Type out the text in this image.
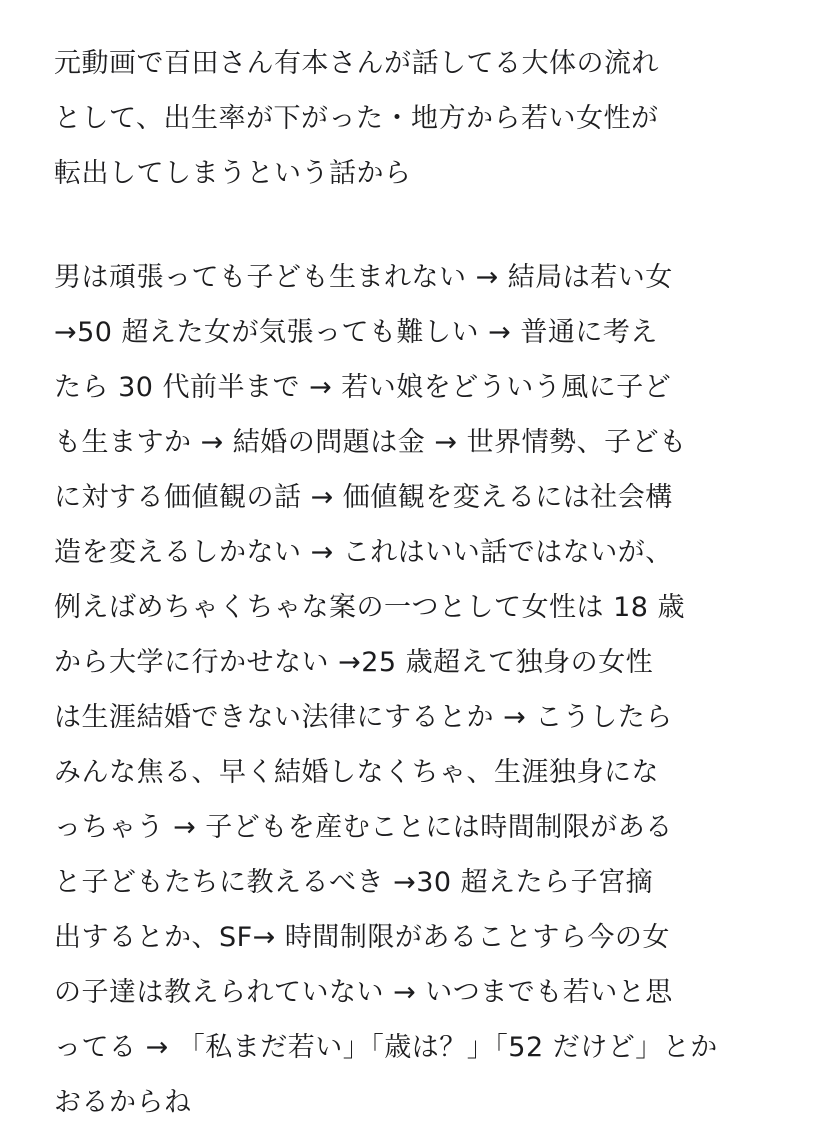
元動画で百田さん有本さんが話してる大体の流れ
として、出生率が下がった・地方から若い女性が
転出してしまうという話から
男は頑張っても子ども生まれない → 結局は若い女
→50 超えた女が気張っても難しい → 普通に考え
たら 30 代前半まで → 若い娘をどういう風に子ど
も生ますか → 結婚の問題は金 → 世界情勢、子ども
に対する価値観の話 → 価値観を変えるには社会構
造を変えるしかない → これはいい話ではないが、
例えばめちゃくちゃな案の一つとして女性は 18 歳
から大学に行かせない →25 歳超えて独身の女性
は生涯結婚できない法律にするとか → こうしたら
みんな焦る、早く結婚しなくちゃ、生涯独身にな
っちゃう → 子どもを産むことには時間制限がある
と子どもたちに教えるべき →30 超えたら子宮摘
出するとか、SF→ 時間制限があることすら今の女
の子達は教えられていない → いつまでも若いと思
ってる → 「私まだ若い」「歳は？」「52 だけど」とか
おるからね
